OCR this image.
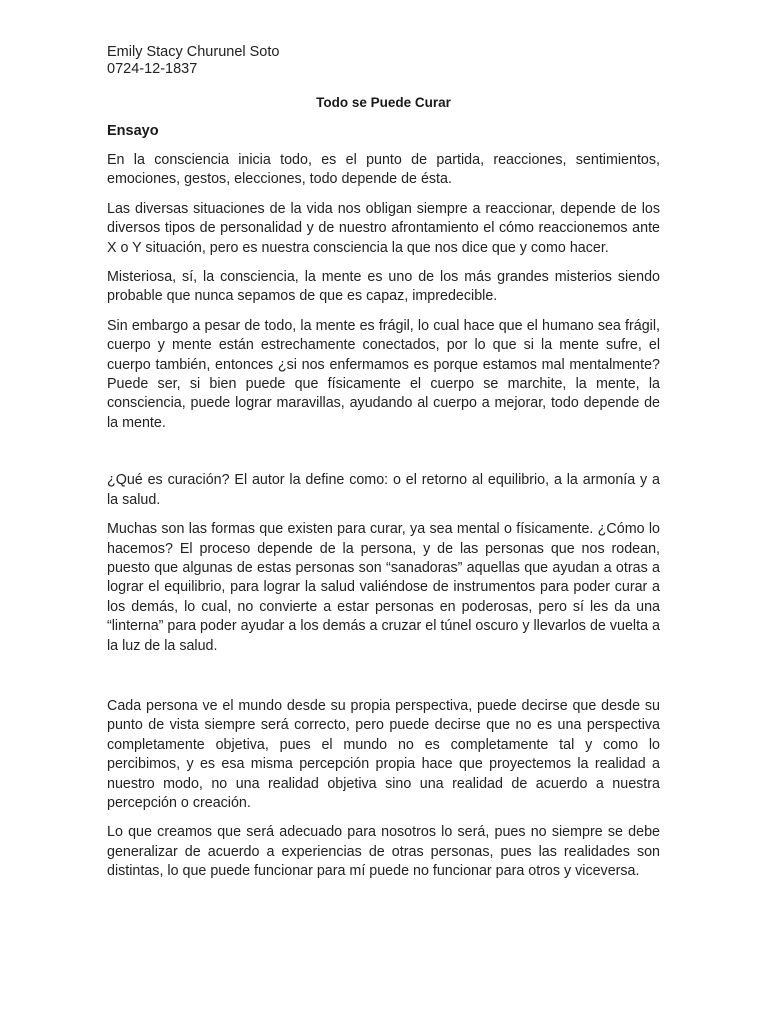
Emily Stacy Churunel Soto

0724-12-1837

Todo se Puede Curar

Ensayo

En la consciencia inicia todo, es el punto de partida, reacciones, sentimientos, emociones, gestos, elecciones, todo depende de ésta.

Las diversas situaciones de la vida nos obligan siempre a reaccionar, depende de los diversos tipos de personalidad y de nuestro afrontamiento el cómo reaccionemos ante X o Y situación, pero es nuestra consciencia la que nos dice que y como hacer.

Misteriosa, sí, la consciencia, la mente es uno de los más grandes misterios siendo probable que nunca sepamos de que es capaz, impredecible.

Sin embargo a pesar de todo, la mente es frágil, lo cual hace que el humano sea frágil, cuerpo y mente están estrechamente conectados, por lo que si la mente sufre, el cuerpo también, entonces ¿si nos enfermamos es porque estamos mal mentalmente? Puede ser, si bien puede que físicamente el cuerpo se marchite, la mente, la consciencia, puede lograr maravillas, ayudando al cuerpo a mejorar, todo depende de la mente.

¿Qué es curación? El autor la define como: o el retorno al equilibrio, a la armonía y a la salud.

Muchas son las formas que existen para curar, ya sea mental o físicamente. ¿Cómo lo hacemos? El proceso depende de la persona, y de las personas que nos rodean, puesto que algunas de estas personas son “sanadoras” aquellas que ayudan a otras a lograr el equilibrio, para lograr la salud valiéndose de instrumentos para poder curar a los demás, lo cual, no convierte a estar personas en poderosas, pero sí les da una “linterna” para poder ayudar a los demás a cruzar el túnel oscuro y llevarlos de vuelta a la luz de la salud.

Cada persona ve el mundo desde su propia perspectiva, puede decirse que desde su punto de vista siempre será correcto, pero puede decirse que no es una perspectiva completamente objetiva, pues el mundo no es completamente tal y como lo percibimos, y es esa misma percepción propia hace que proyectemos la realidad a nuestro modo, no una realidad objetiva sino una realidad de acuerdo a nuestra percepción o creación.

Lo que creamos que será adecuado para nosotros lo será, pues no siempre se debe generalizar de acuerdo a experiencias de otras personas, pues las realidades son distintas, lo que puede funcionar para mí puede no funcionar para otros y viceversa.
